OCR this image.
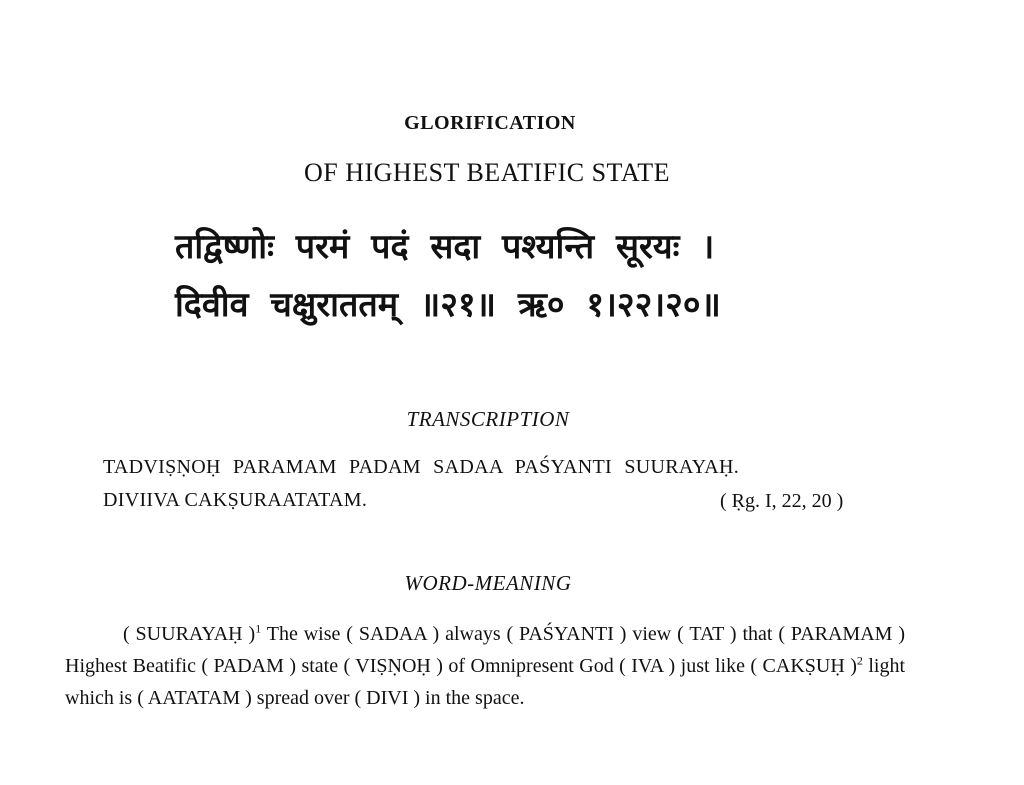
GLORIFICATION
OF HIGHEST BEATIFIC STATE
तद्विष्णोः परमं पदं सदा पश्यन्ति सूरयः ।
दिवीव चक्षुराततम् ॥२१॥ ऋ० १।२२।२०॥
TRANSCRIPTION
TADVIṢṆOḤ PARAMAM PADAM SADAA PAŚYANTI SUURAYAḤ.
DIVIIVA CAKṢURAATATAM.	( Ṛg. I, 22, 20 )
WORD-MEANING

( SUURAYAḤ )$^1$ The wise ( SADAA ) always ( PAŚYANTI ) view ( TAT ) that ( PARAMAM ) Highest Beatific ( PADAM ) state ( VIṢṆOḤ ) of Omnipresent God ( IVA ) just like ( CAKṢUḤ )$^2$ light which is ( AATATAM ) spread over ( DIVI ) in the space.
